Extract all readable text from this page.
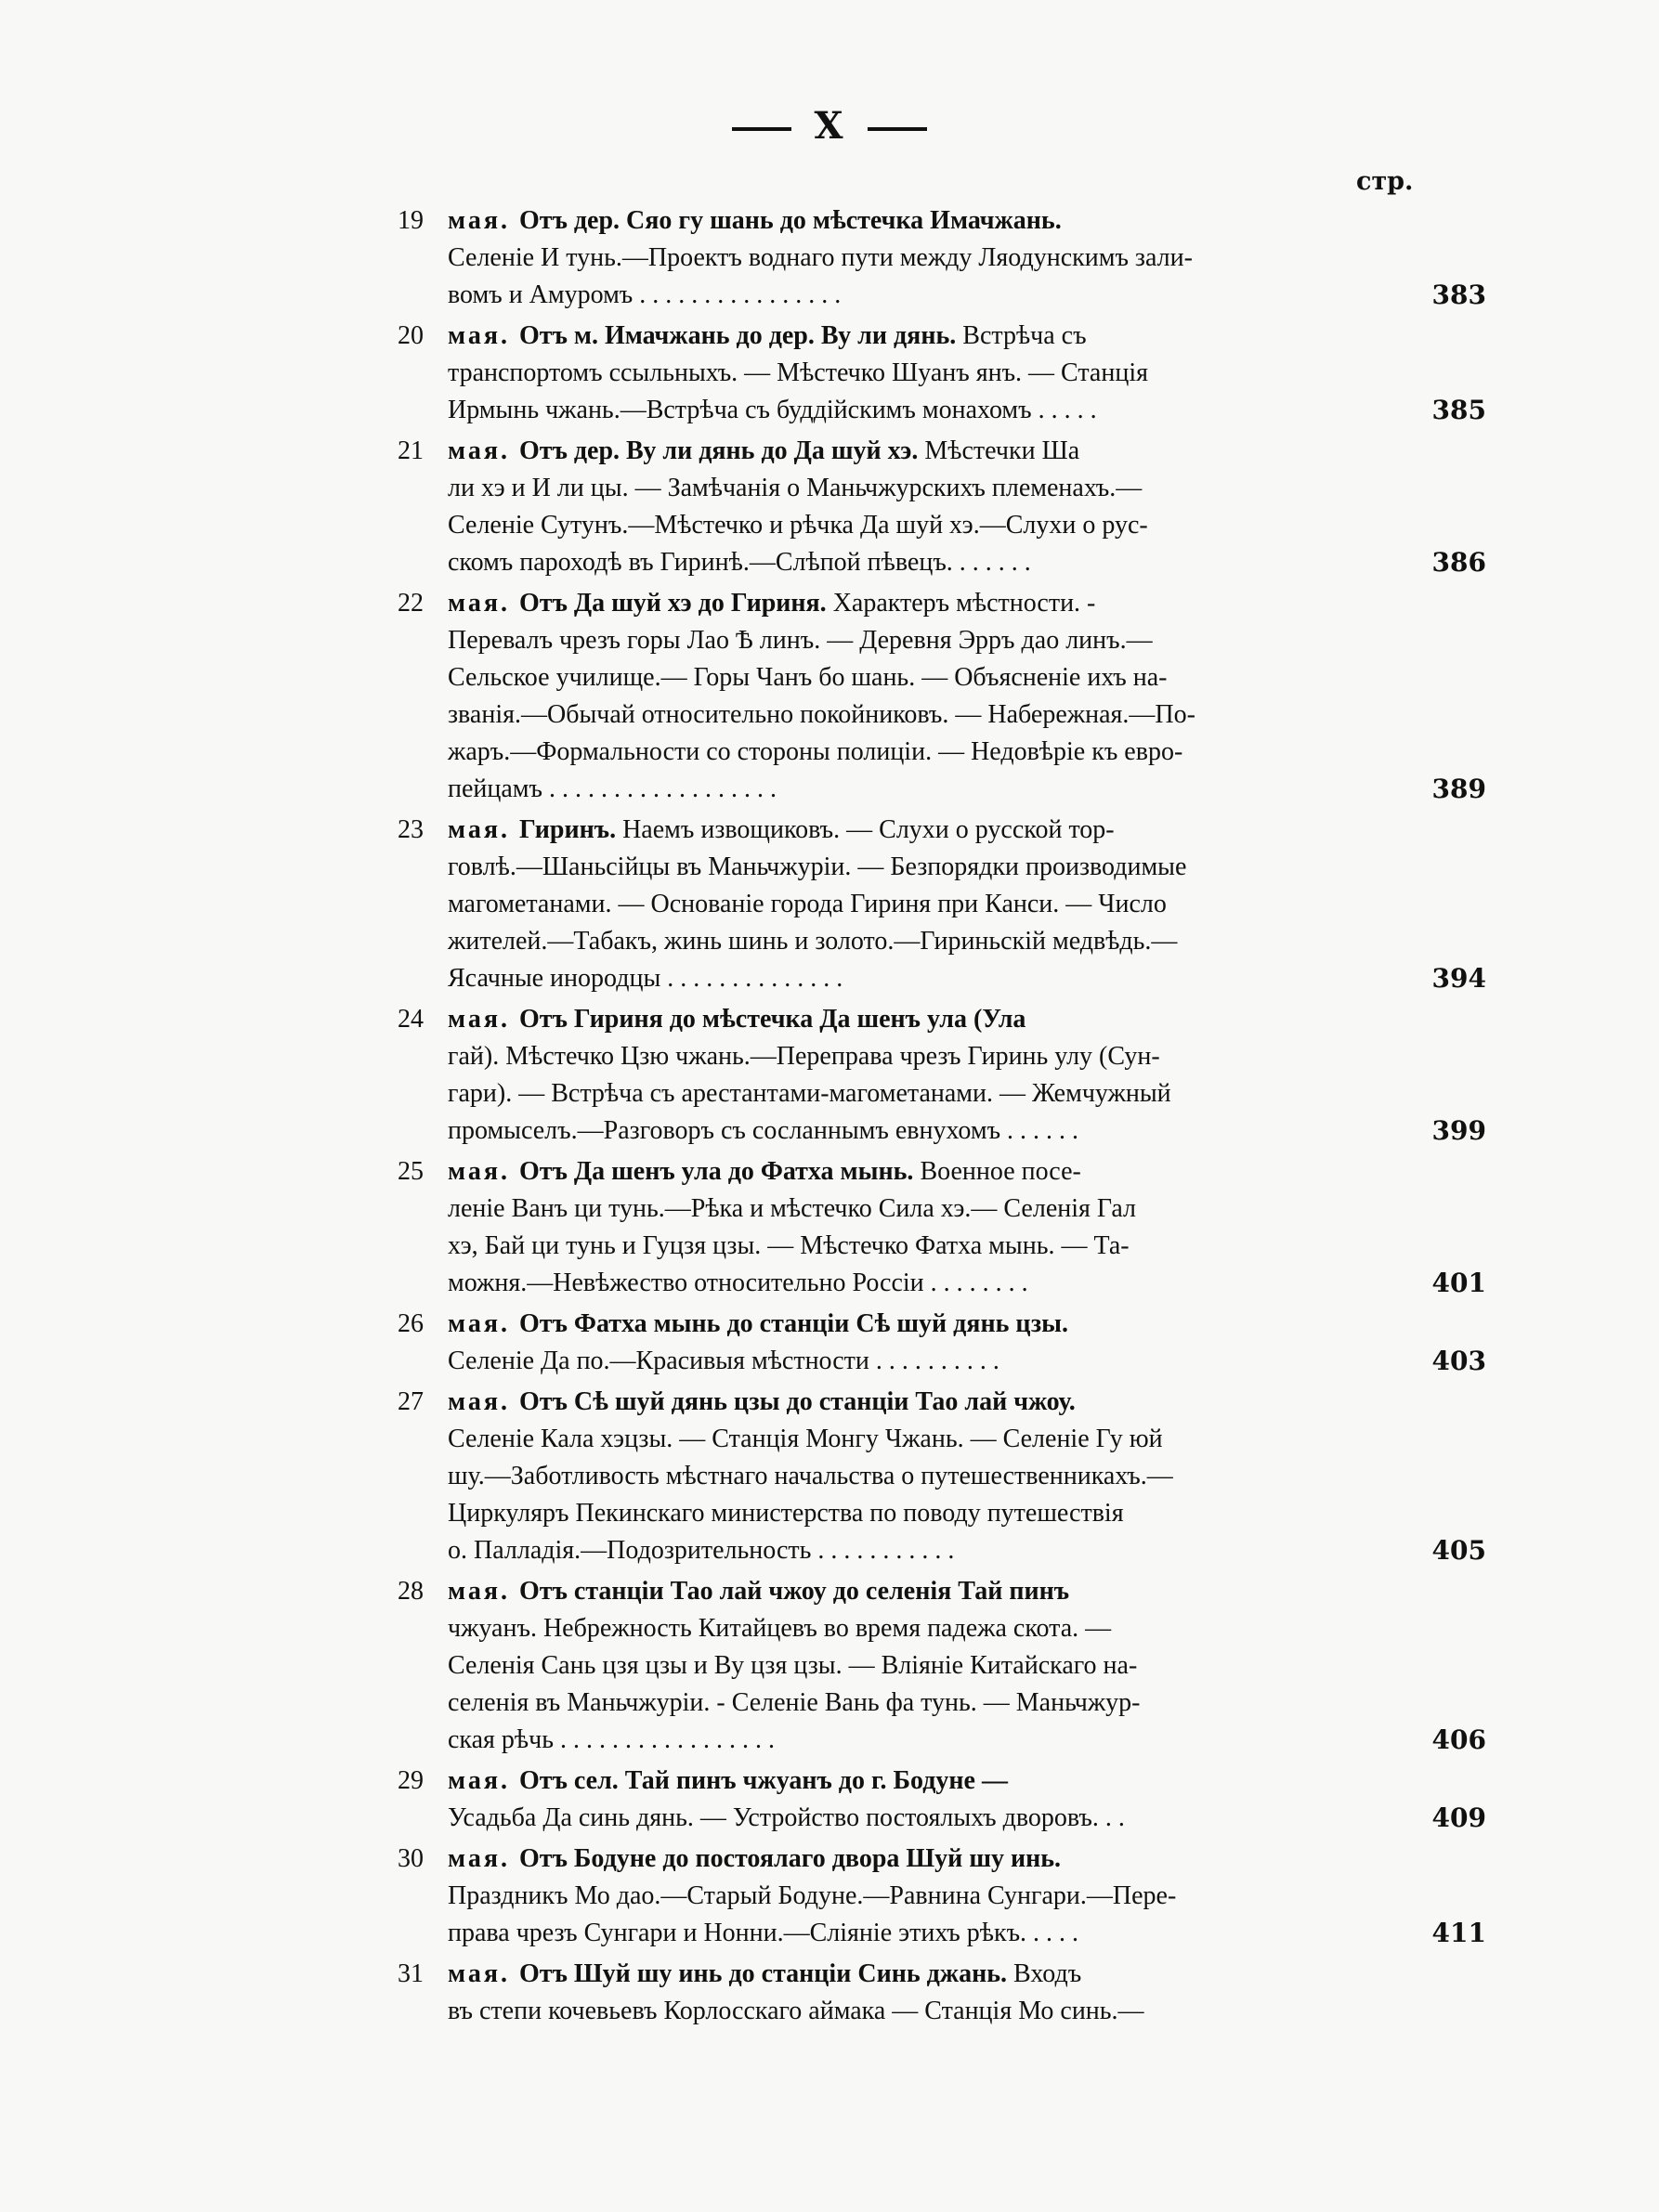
X
стр.
19 мая. Отъ дер. Сяо гу шань до мѣстечка Имачжань.
Селеніе И тунь.—Проектъ воднаго пути между Ляодунскимъ зали-
вомъ и Амуромъ . . . . . . . . . . . . . . . .	383
20 мая. Отъ м. Имачжань до дер. Ву ли дянь. Встрѣча съ
транспортомъ ссыльныхъ. — Мѣстечко Шуанъ янъ. — Станція
Ирмынь чжань.—Встрѣча съ буддійскимъ монахомъ . . . . .	385
21 мая. Отъ дер. Ву ли дянь до Да шуй хэ. Мѣстечки Ша
ли хэ и И ли цы. — Замѣчанія о Маньчжурскихъ племенахъ.—
Селеніе Сутунъ.—Мѣстечко и рѣчка Да шуй хэ.—Слухи о рус-
скомъ пароходѣ въ Гиринѣ.—Слѣпой пѣвецъ. . . . . . .	386
22 мая. Отъ Да шуй хэ до Гириня. Характеръ мѣстности. -
Перевалъ чрезъ горы Лао Ѣ линъ. — Деревня Эрръ дао линъ.—
Сельское училище.— Горы Чанъ бо шань. — Объясненіе ихъ на-
званія.—Обычай относительно покойниковъ. — Набережная.—По-
жаръ.—Формальности со стороны полиціи. — Недовѣріе къ евро-
пейцамъ . . . . . . . . . . . . . . . . . .	389
23 мая. Гиринъ. Наемъ извощиковъ. — Слухи о русской тор-
говлѣ.—Шаньсійцы въ Маньчжуріи. — Безпорядки производимые
магометанами. — Основаніе города Гириня при Канси. — Число
жителей.—Табакъ, жинь шинь и золото.—Гириньскій медвѣдь.—
Ясачные инородцы . . . . . . . . . . . . . .	394
24 мая. Отъ Гириня до мѣстечка Да шенъ ула (Ула
гай). Мѣстечко Цзю чжань.—Переправа чрезъ Гиринь улу (Сун-
гари). — Встрѣча съ арестантами-магометанами. — Жемчужный
промыселъ.—Разговоръ съ сосланнымъ евнухомъ . . . . . .	399
25 мая. Отъ Да шенъ ула до Фатха мынь. Военное посе-
леніе Ванъ ци тунь.—Рѣка и мѣстечко Сила хэ.— Селенія Гал
хэ, Бай ци тунь и Гуцзя цзы. — Мѣстечко Фатха мынь. — Та-
можня.—Невѣжество относительно Россіи . . . . . . . .	401
26 мая. Отъ Фатха мынь до станціи Сѣ шуй дянь цзы.
Селеніе Да по.—Красивыя мѣстности . . . . . . . . . .	403
27 мая. Отъ Сѣ шуй дянь цзы до станціи Тао лай чжоу.
Селеніе Кала хэцзы. — Станція Монгу Чжань. — Селеніе Гу юй
шу.—Заботливость мѣстнаго начальства о путешественникахъ.—
Циркуляръ Пекинскаго министерства по поводу путешествія
о. Палладія.—Подозрительность . . . . . . . . . . .	405
28 мая. Отъ станціи Тао лай чжоу до селенія Тай пинъ
чжуанъ. Небрежность Китайцевъ во время падежа скота. —
Селенія Сань цзя цзы и Ву цзя цзы. — Вліяніе Китайскаго на-
селенія въ Маньчжуріи. - Селеніе Вань фа тунь. — Маньчжур-
ская рѣчь . . . . . . . . . . . . . . . . .	406
29 мая. Отъ сел. Тай пинъ чжуанъ до г. Бодуне —
Усадьба Да синь дянь. — Устройство постоялыхъ дворовъ. . .	409
30 мая. Отъ Бодуне до постоялаго двора Шуй шу инь.
Праздникъ Мо дао.—Старый Бодуне.—Равнина Сунгари.—Пере-
права чрезъ Сунгари и Нонни.—Сліяніе этихъ рѣкъ. . . . .	411
31 мая. Отъ Шуй шу инь до станціи Синь джань. Входъ
въ степи кочевьевъ Корлосскаго аймака — Станція Мо синь.—
